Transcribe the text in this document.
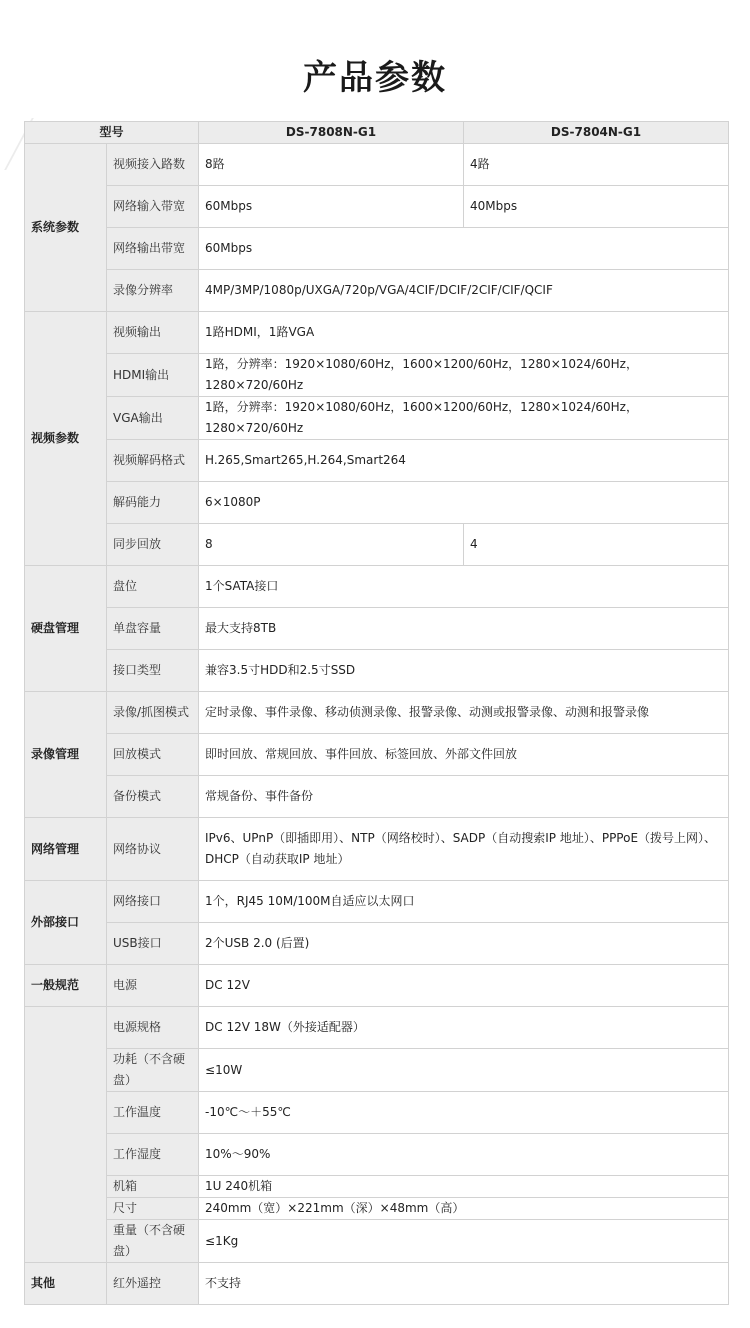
产品参数
型号		DS-7808N-G1	DS-7804N-G1
系统参数	视频接入路数	8路	4路
	网络输入带宽	60Mbps	40Mbps
	网络输出带宽	60Mbps	
	录像分辨率	4MP/3MP/1080p/UXGA/720p/VGA/4CIF/DCIF/2CIF/CIF/QCIF	
视频参数	视频输出	1路HDMI，1路VGA	
	HDMI输出	1路，分辨率：1920×1080/60Hz，1600×1200/60Hz，1280×1024/60Hz，1280×720/60Hz	
	VGA输出	1路，分辨率：1920×1080/60Hz，1600×1200/60Hz，1280×1024/60Hz，1280×720/60Hz	
	视频解码格式	H.265,Smart265,H.264,Smart264	
	解码能力	6×1080P	
	同步回放	8	4
硬盘管理	盘位	1个SATA接口	
	单盘容量	最大支持8TB	
	接口类型	兼容3.5寸HDD和2.5寸SSD	
录像管理	录像/抓图模式	定时录像、事件录像、移动侦测录像、报警录像、动测或报警录像、动测和报警录像	
	回放模式	即时回放、常规回放、事件回放、标签回放、外部文件回放	
	备份模式	常规备份、事件备份	
网络管理	网络协议	IPv6、UPnP（即插即用）、NTP（网络校时）、SADP（自动搜索IP 地址）、PPPoE（拨号上网）、DHCP（自动获取IP 地址）	
外部接口	网络接口	1个，RJ45 10M/100M自适应以太网口	
	USB接口	2个USB 2.0 (后置)	
一般规范	电源	DC 12V	
	电源规格	DC 12V 18W（外接适配器）	
	功耗（不含硬盘）	≤10W	
	工作温度	-10℃～＋55℃	
	工作湿度	10%～90%	
	机箱	1U 240机箱	
	尺寸	240mm（宽）×221mm（深）×48mm（高）	
	重量（不含硬盘）	≤1Kg	
其他	红外遥控	不支持	
